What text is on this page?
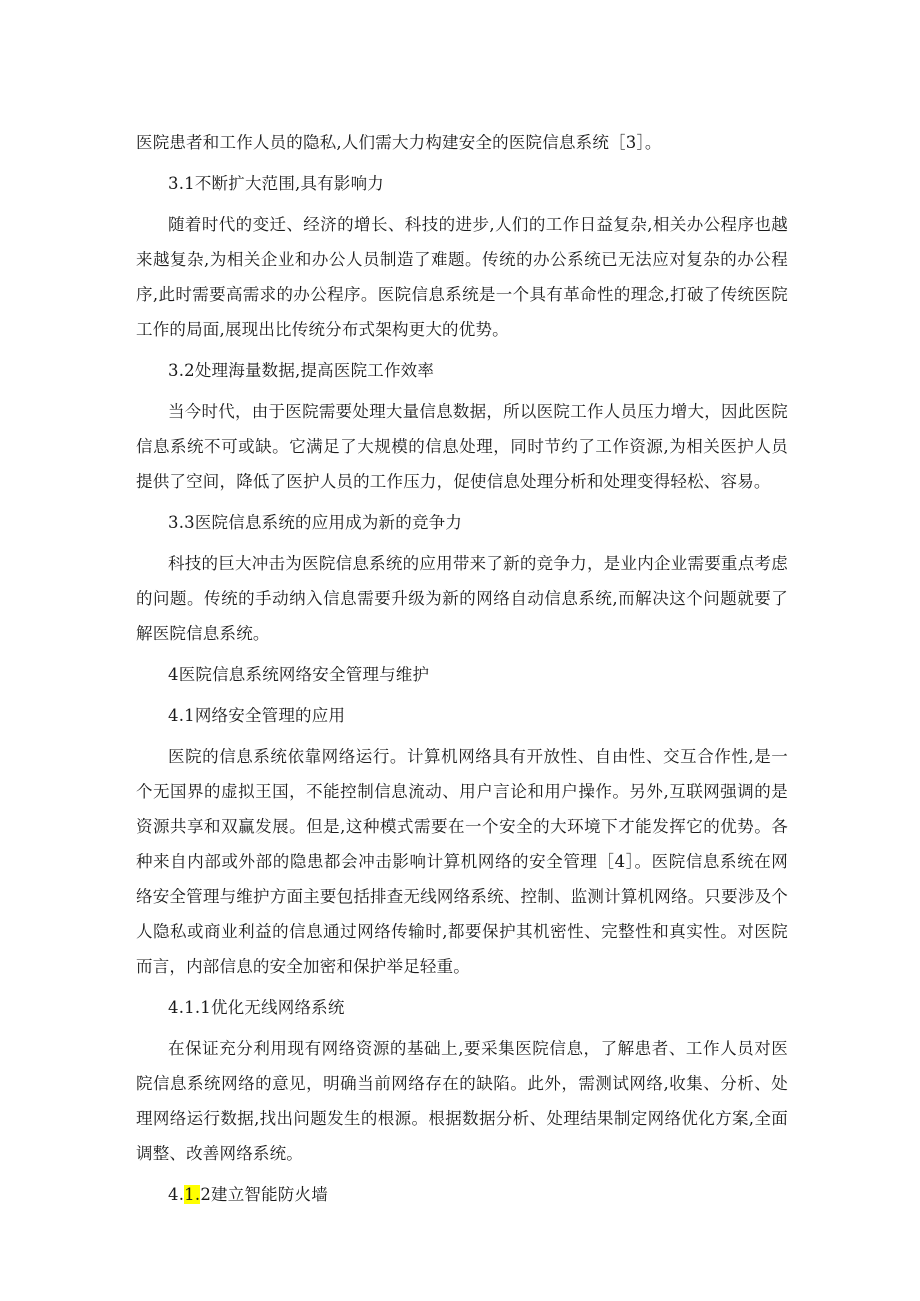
医院患者和工作人员的隐私,人们需大力构建安全的医院信息系统［3］。

3.1不断扩大范围,具有影响力

随着时代的变迁、经济的增长、科技的进步,人们的工作日益复杂,相关办公程序也越来越复杂,为相关企业和办公人员制造了难题。传统的办公系统已无法应对复杂的办公程序,此时需要高需求的办公程序。医院信息系统是一个具有革命性的理念,打破了传统医院工作的局面,展现出比传统分布式架构更大的优势。

3.2处理海量数据,提高医院工作效率

当今时代，由于医院需要处理大量信息数据，所以医院工作人员压力增大，因此医院信息系统不可或缺。它满足了大规模的信息处理，同时节约了工作资源,为相关医护人员提供了空间，降低了医护人员的工作压力，促使信息处理分析和处理变得轻松、容易。

3.3医院信息系统的应用成为新的竞争力

科技的巨大冲击为医院信息系统的应用带来了新的竞争力，是业内企业需要重点考虑的问题。传统的手动纳入信息需要升级为新的网络自动信息系统,而解决这个问题就要了解医院信息系统。

4医院信息系统网络安全管理与维护

4.1网络安全管理的应用

医院的信息系统依靠网络运行。计算机网络具有开放性、自由性、交互合作性,是一个无国界的虚拟王国，不能控制信息流动、用户言论和用户操作。另外,互联网强调的是资源共享和双赢发展。但是,这种模式需要在一个安全的大环境下才能发挥它的优势。各种来自内部或外部的隐患都会冲击影响计算机网络的安全管理［4］。医院信息系统在网络安全管理与维护方面主要包括排查无线网络系统、控制、监测计算机网络。只要涉及个人隐私或商业利益的信息通过网络传输时,都要保护其机密性、完整性和真实性。对医院而言，内部信息的安全加密和保护举足轻重。

4.1.1优化无线网络系统

在保证充分利用现有网络资源的基础上,要采集医院信息，了解患者、工作人员对医院信息系统网络的意见，明确当前网络存在的缺陷。此外，需测试网络,收集、分析、处理网络运行数据,找出问题发生的根源。根据数据分析、处理结果制定网络优化方案,全面调整、改善网络系统。

4.1.2建立智能防火墙
